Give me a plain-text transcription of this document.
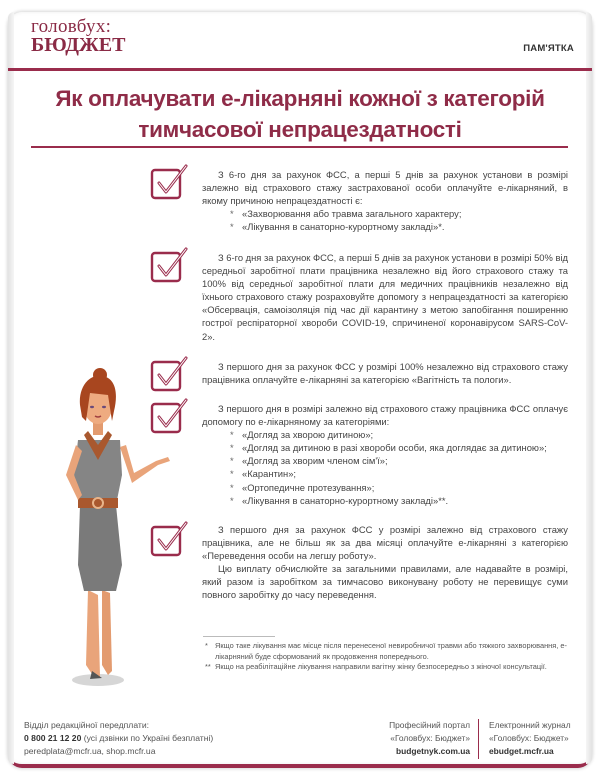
головбух:
БЮДЖЕТ	ПАМ'ЯТКА
Як оплачувати е-лікарняні кожної з категорій
тимчасової непрацездатності

З 6-го дня за рахунок ФСС, а перші 5 днів за рахунок установи в розмірі залежно від страхового стажу застрахованої особи оплачуйте е-лікарняний, в якому причиною непрацездатності є:

* «Захворювання або травма загального характеру;
* «Лікування в санаторно-курортному закладі»*.

З 6-го дня за рахунок ФСС, а перші 5 днів за рахунок установи в розмірі 50% від середньої заробітної плати працівника незалежно від його страхового стажу та 100% від середньої заробітної плати для медичних працівників незалежно від їхнього страхового стажу розраховуйте допомогу з непрацездатності за категорією «Обсервація, самоізоляція під час дії карантину з метою запобігання поширенню гострої респіраторної хвороби COVID-19, спричиненої коронавірусом SARS-CoV-2».

З першого дня за рахунок ФСС у розмірі 100% незалежно від страхового стажу працівника оплачуйте е-лікарняні за категорією «Вагітність та пологи».

З першого дня в розмірі залежно від страхового стажу працівника ФСС оплачує допомогу по е-лікарняному за категоріями:

* «Догляд за хворою дитиною»;
* «Догляд за дитиною в разі хвороби особи, яка доглядає за дитиною»;
* «Догляд за хворим членом сім'ї»;
* «Карантин»;
* «Ортопедичне протезування»;
* «Лікування в санаторно-курортному закладі»**.

З першого дня за рахунок ФСС у розмірі залежно від страхового стажу працівника, але не більш як за два місяці оплачуйте е-лікарняні з категорією «Переведення особи на легшу роботу».

Цю виплату обчислюйте за загальними правилами, але надавайте в розмірі, який разом із заробітком за тимчасово виконувану роботу не перевищує суми повного заробітку до часу переведення.

* Якщо таке лікування має місце після перенесеної невиробничої травми або тяжкого захворювання, е-лікарняний буде сформований як продовження попереднього.
** Якщо на реабілітаційне лікування направили вагітну жінку безпосередньо з жіночої консультації.
Відділ редакційної передплати:
0 800 21 12 20 (усі дзвінки по Україні безплатні)
peredplata@mcfr.ua, shop.mcfr.ua
Професійний портал
«Головбух: Бюджет»
budgetnyk.com.ua
Електронний журнал
«Головбух: Бюджет»
ebudget.mcfr.ua
